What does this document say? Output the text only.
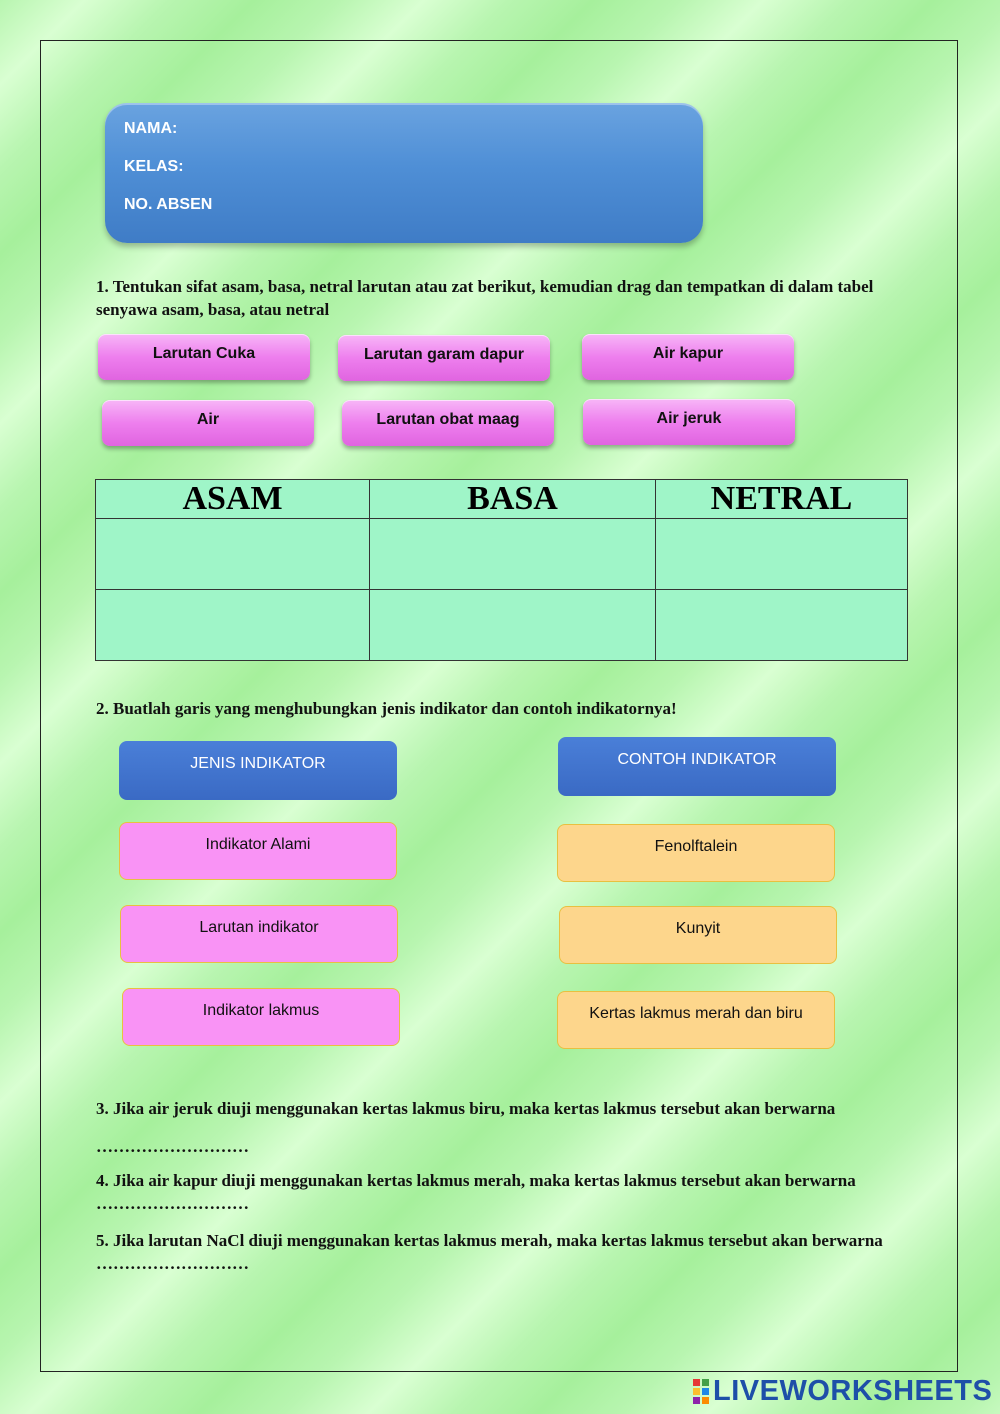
NAMA:
KELAS:
NO. ABSEN
1. Tentukan sifat asam, basa, netral larutan atau zat berikut, kemudian drag dan tempatkan di dalam tabel senyawa asam, basa, atau netral
Larutan Cuka	Larutan garam dapur	Air kapur
Air	Larutan obat maag	Air jeruk
ASAM	BASA	NETRAL

2. Buatlah garis yang menghubungkan jenis indikator dan contoh indikatornya!
JENIS INDIKATOR	CONTOH INDIKATOR
Indikator Alami
Larutan indikator
Indikator lakmus
Fenolftalein
Kunyit
Kertas lakmus merah dan biru
3. Jika air jeruk diuji menggunakan kertas lakmus biru, maka kertas lakmus tersebut akan berwarna
………………………
4. Jika air kapur diuji menggunakan kertas lakmus merah, maka kertas lakmus tersebut akan berwarna ………………………
5. Jika larutan NaCl diuji menggunakan kertas lakmus merah, maka kertas lakmus tersebut akan berwarna ………………………
LIVEWORKSHEETS
